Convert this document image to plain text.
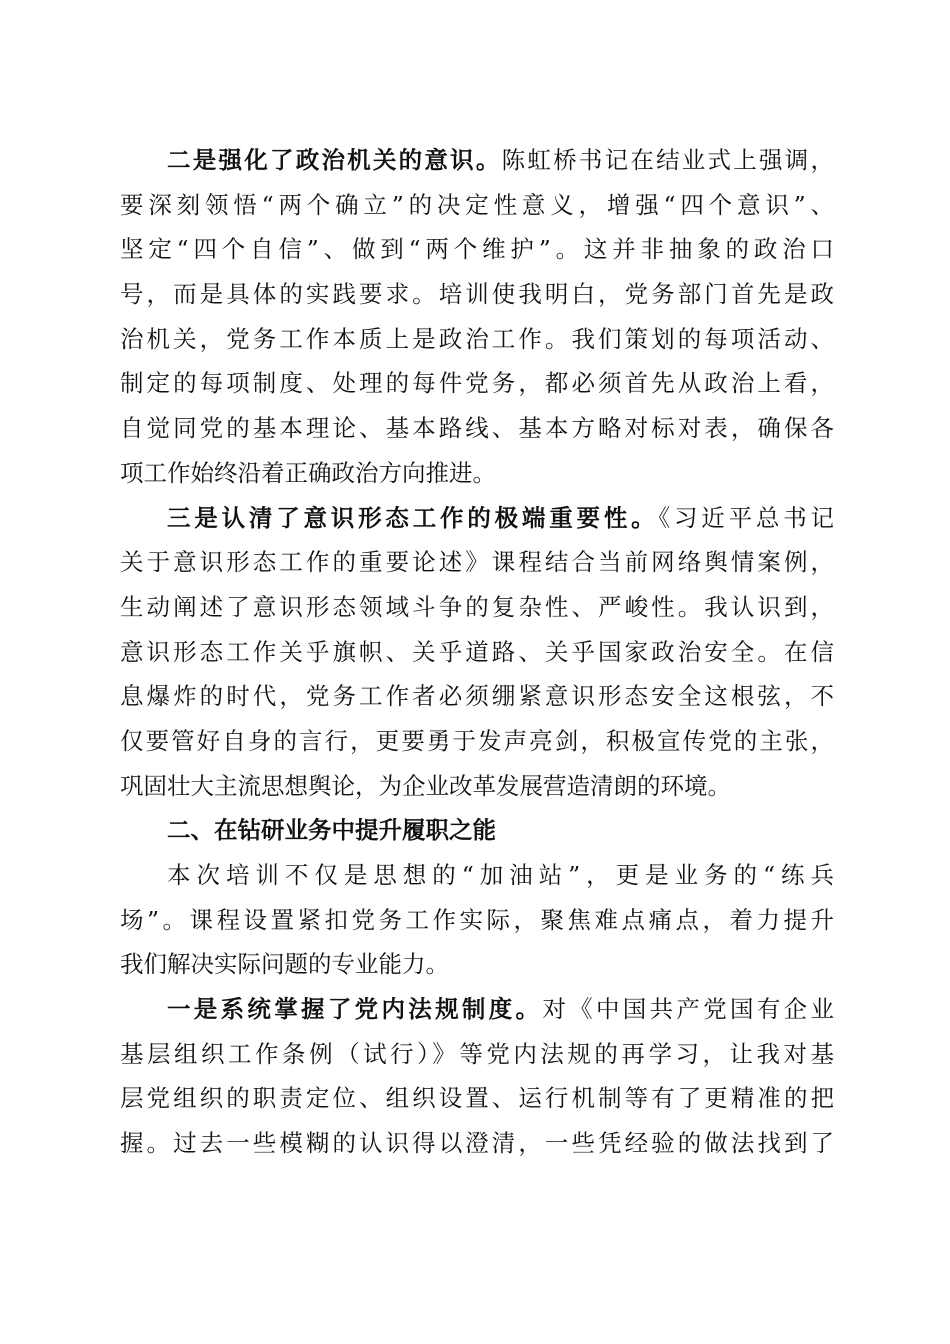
二是强化了政治机关的意识。陈虹桥书记在结业式上强调，
要深刻领悟“两个确立”的决定性意义，增强“四个意识”、
坚定“四个自信”、做到“两个维护”。这并非抽象的政治口
号，而是具体的实践要求。培训使我明白，党务部门首先是政
治机关，党务工作本质上是政治工作。我们策划的每项活动、
制定的每项制度、处理的每件党务，都必须首先从政治上看，
自觉同党的基本理论、基本路线、基本方略对标对表，确保各
项工作始终沿着正确政治方向推进。
三是认清了意识形态工作的极端重要性。《习近平总书记
关于意识形态工作的重要论述》课程结合当前网络舆情案例，
生动阐述了意识形态领域斗争的复杂性、严峻性。我认识到，
意识形态工作关乎旗帜、关乎道路、关乎国家政治安全。在信
息爆炸的时代，党务工作者必须绷紧意识形态安全这根弦，不
仅要管好自身的言行，更要勇于发声亮剑，积极宣传党的主张，
巩固壮大主流思想舆论，为企业改革发展营造清朗的环境。
二、在钻研业务中提升履职之能
本次培训不仅是思想的“加油站”，更是业务的“练兵
场”。课程设置紧扣党务工作实际，聚焦难点痛点，着力提升
我们解决实际问题的专业能力。
一是系统掌握了党内法规制度。对《中国共产党国有企业
基层组织工作条例（试行）》等党内法规的再学习，让我对基
层党组织的职责定位、组织设置、运行机制等有了更精准的把
握。过去一些模糊的认识得以澄清，一些凭经验的做法找到了
